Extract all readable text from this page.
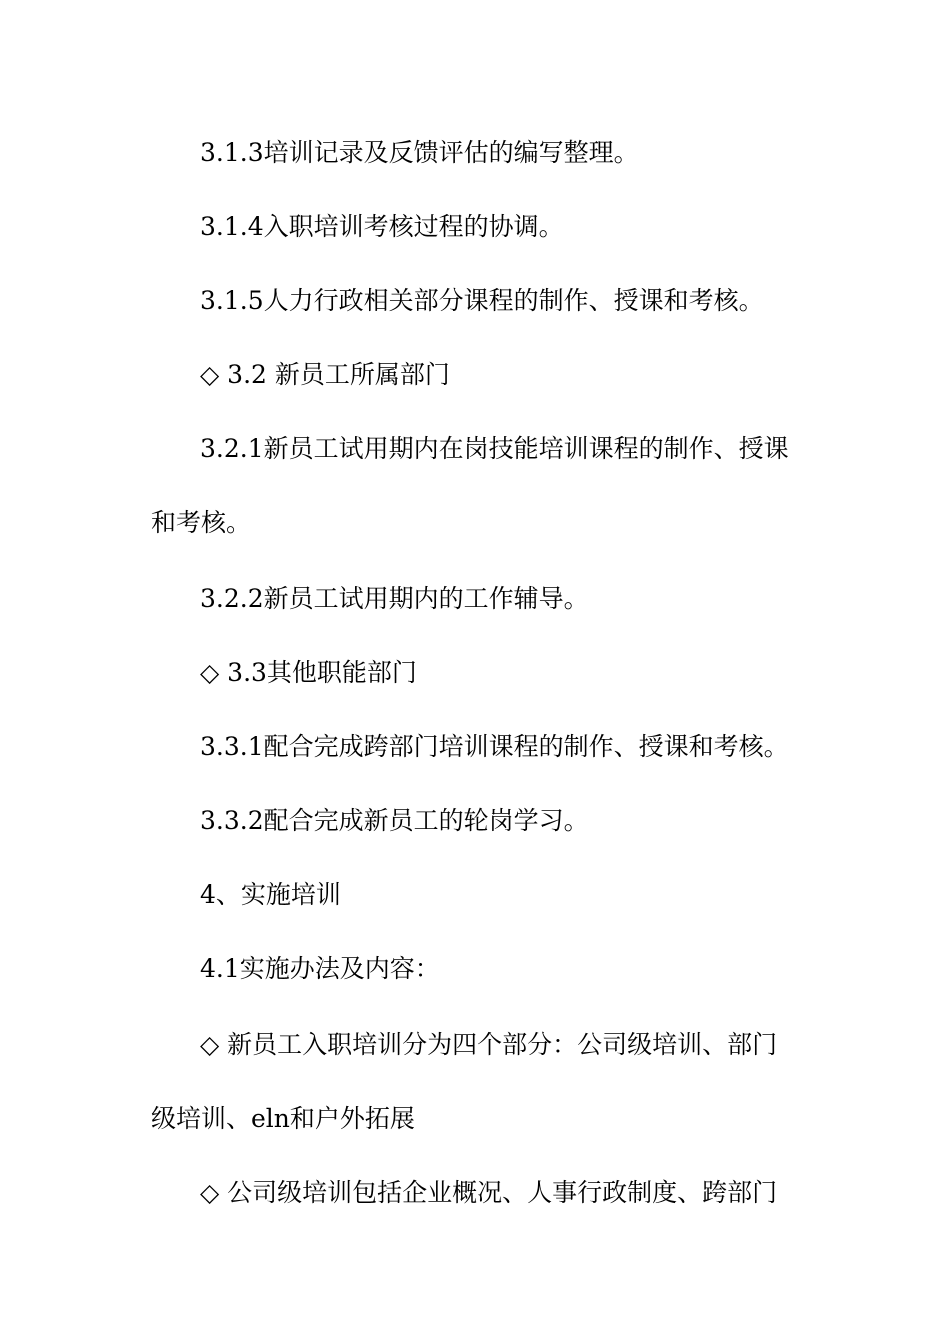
3.1.3培训记录及反馈评估的编写整理。
3.1.4入职培训考核过程的协调。
3.1.5人力行政相关部分课程的制作、授课和考核。
◇ 3.2 新员工所属部门
3.2.1新员工试用期内在岗技能培训课程的制作、授课
和考核。
3.2.2新员工试用期内的工作辅导。
◇ 3.3其他职能部门
3.3.1配合完成跨部门培训课程的制作、授课和考核。
3.3.2配合完成新员工的轮岗学习。
4、实施培训
4.1实施办法及内容：
◇ 新员工入职培训分为四个部分：公司级培训、部门
级培训、eln和户外拓展
◇ 公司级培训包括企业概况、人事行政制度、跨部门
